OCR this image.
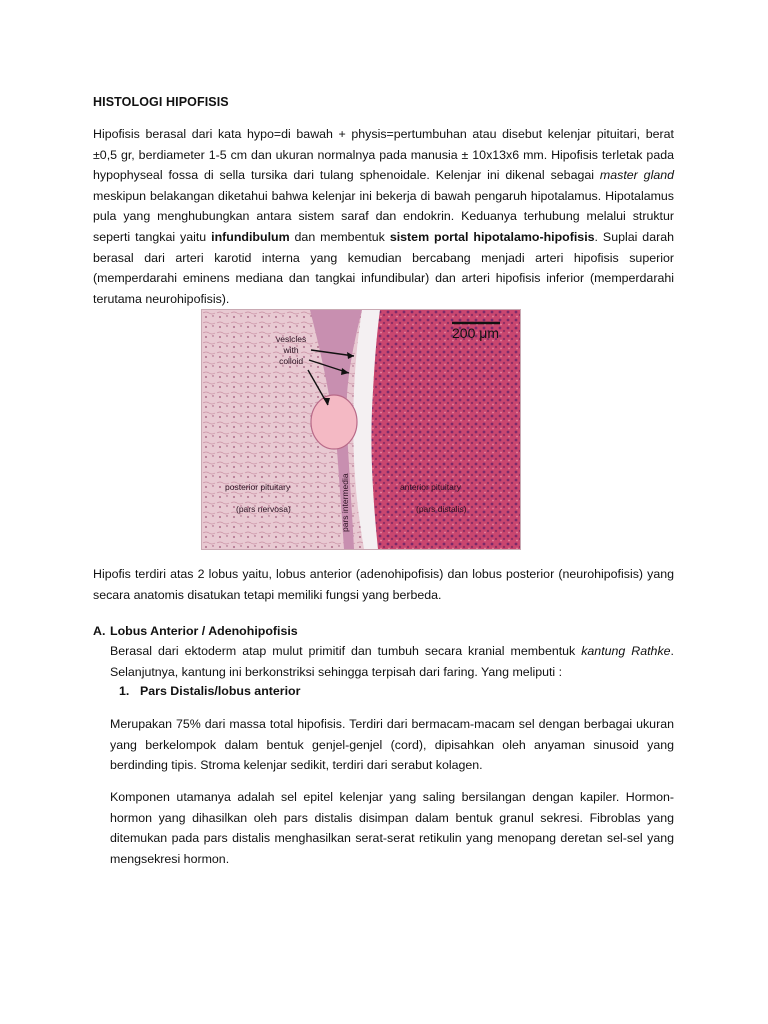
HISTOLOGI HIPOFISIS

Hipofisis berasal dari kata hypo=di bawah + physis=pertumbuhan atau disebut kelenjar pituitari, berat ±0,5 gr, berdiameter 1-5 cm dan ukuran normalnya pada manusia ± 10x13x6 mm. Hipofisis terletak pada hypophyseal fossa di sella tursika dari tulang sphenoidale. Kelenjar ini dikenal sebagai master gland meskipun belakangan diketahui bahwa kelenjar ini bekerja di bawah pengaruh hipotalamus. Hipotalamus pula yang menghubungkan antara sistem saraf dan endokrin. Keduanya terhubung melalui struktur seperti tangkai yaitu infundibulum dan membentuk sistem portal hipotalamo-hipofisis. Suplai darah berasal dari arteri karotid interna yang kemudian bercabang menjadi arteri hipofisis superior (memperdarahi eminens mediana dan tangkai infundibular) dan arteri hipofisis inferior (memperdarahi terutama neurohipofisis).

200 μm
vesicles
with
colloid
posterior pituitary
(pars nervosa)
anterior pituitary
(pars distalis)
pars intermedia

Hipofis terdiri atas 2 lobus yaitu, lobus anterior (adenohipofisis) dan lobus posterior (neurohipofisis) yang secara anatomis disatukan tetapi memiliki fungsi yang berbeda.

A. Lobus Anterior / Adenohipofisis

Berasal dari ektoderm atap mulut primitif dan tumbuh secara kranial membentuk kantung Rathke. Selanjutnya, kantung ini berkonstriksi sehingga terpisah dari faring. Yang meliputi :

1. Pars Distalis/lobus anterior

Merupakan 75% dari massa total hipofisis. Terdiri dari bermacam-macam sel dengan berbagai ukuran yang berkelompok dalam bentuk genjel-genjel (cord), dipisahkan oleh anyaman sinusoid yang berdinding tipis. Stroma kelenjar sedikit, terdiri dari serabut kolagen.

Komponen utamanya adalah sel epitel kelenjar yang saling bersilangan dengan kapiler. Hormon-hormon yang dihasilkan oleh pars distalis disimpan dalam bentuk granul sekresi. Fibroblas yang ditemukan pada pars distalis menghasilkan serat-serat retikulin yang menopang deretan sel-sel yang mengsekresi hormon.
